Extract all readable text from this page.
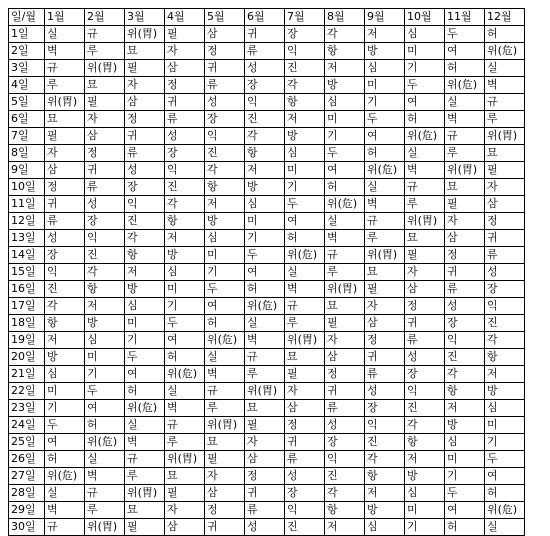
일/월	1월	2월	3월	4월	5월	6월	7월	8월	9월	10월	11월	12월
1일	실	규	위(胃)	필	삼	귀	장	각	저	심	두	허
2일	벽	루	묘	자	정	류	익	항	방	미	여	위(危)
3일	규	위(胃)	필	삼	귀	성	진	저	심	기	허	실
4일	루	묘	자	정	류	장	각	방	미	두	위(危)	벽
5일	위(胃)	필	삼	귀	성	익	항	심	기	여	실	규
6일	묘	자	정	류	장	진	저	미	두	허	벽	루
7일	필	삼	귀	성	익	각	방	기	여	위(危)	규	위(胃)
8일	자	정	류	장	진	항	심	두	허	실	루	묘
9일	삼	귀	성	익	각	저	미	여	위(危)	벽	위(胃)	필
10일	정	류	장	진	항	방	기	허	실	규	묘	자
11일	귀	성	익	각	저	심	두	위(危)	벽	루	필	삼
12일	류	장	진	항	방	미	여	실	규	위(胃)	자	정
13일	성	익	각	저	심	기	허	벽	루	묘	삼	귀
14일	장	진	항	방	미	두	위(危)	규	위(胃)	필	정	류
15일	익	각	저	심	기	여	실	루	묘	자	귀	성
16일	진	항	방	미	두	허	벽	위(胃)	필	삼	류	장
17일	각	저	심	기	여	위(危)	규	묘	자	정	성	익
18일	항	방	미	두	허	실	루	필	삼	귀	장	진
19일	저	심	기	여	위(危)	벽	위(胃)	자	정	류	익	각
20일	방	미	두	허	실	규	묘	삼	귀	성	진	항
21일	심	기	여	위(危)	벽	루	필	정	류	장	각	저
22일	미	두	허	실	규	위(胃)	자	귀	성	익	항	방
23일	기	여	위(危)	벽	루	묘	삼	류	장	진	저	심
24일	두	허	실	규	위(胃)	필	정	성	익	각	방	미
25일	여	위(危)	벽	루	묘	자	귀	장	진	항	심	기
26일	허	실	규	위(胃)	필	삼	류	익	각	저	미	두
27일	위(危)	벽	루	묘	자	정	성	진	항	방	기	여
28일	실	규	위(胃)	필	삼	귀	장	각	저	심	두	허
29일	벽	루	묘	자	정	류	익	항	방	미	여	위(危)
30일	규	위(胃)	필	삼	귀	성	진	저	심	기	허	실
